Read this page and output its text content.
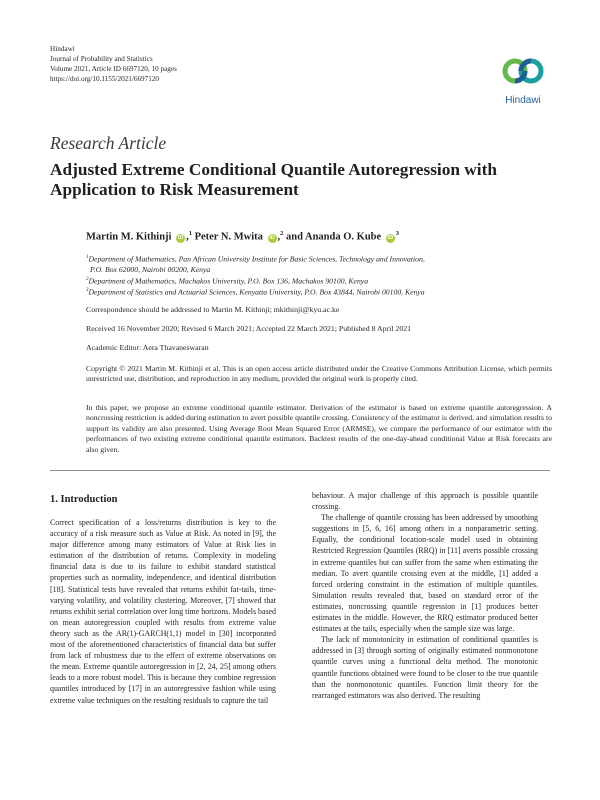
Hindawi
Journal of Probability and Statistics
Volume 2021, Article ID 6697120, 10 pages
https://doi.org/10.1155/2021/6697120
Hindawi
Research Article
Adjusted Extreme Conditional Quantile Autoregression with Application to Risk Measurement
Martin M. Kithinji iD ,$^1$ Peter N. Mwita iD ,$^2$ and Ananda O. Kube $iD^3$
$^1$Department of Mathematics, Pan African University Institute for Basic Sciences, Technology and Innovation,
P.O. Box 62000, Nairobi 00200, Kenya
$^2$Department of Mathematics, Machakos University, P.O. Box 136, Machakos 90100, Kenya
$^3$Department of Statistics and Actuarial Sciences, Kenyatta University, P.O. Box 43844, Nairobi 00100, Kenya
Correspondence should be addressed to Martin M. Kithinji; mkithinji@kyu.ac.ke
Received 16 November 2020; Revised 6 March 2021; Accepted 22 March 2021; Published 8 April 2021
Academic Editor: Aera Thavaneswaran
Copyright © 2021 Martin M. Kithinji et al. This is an open access article distributed under the Creative Commons Attribution License, which permits unrestricted use, distribution, and reproduction in any medium, provided the original work is properly cited.
In this paper, we propose an extreme conditional quantile estimator. Derivation of the estimator is based on extreme quantile autoregression. A noncrossing restriction is added during estimation to avert possible quantile crossing. Consistency of the estimator is derived, and simulation results to support its validity are also presented. Using Average Root Mean Squared Error (ARMSE), we compare the performance of our estimator with the performances of two existing extreme conditional quantile estimators. Backtest results of the one-day-ahead conditional Value at Risk forecasts are also given.
1. Introduction

Correct specification of a loss/returns distribution is key to the accuracy of a risk measure such as Value at Risk. As noted in [9], the major difference among many estimators of Value at Risk lies in estimation of the distribution of returns. Complexity in modeling financial data is due to its failure to exhibit standard statistical properties such as normality, independence, and identical distribution [18]. Statistical tests have revealed that returns exhibit fat-tails, time-varying volatility, and volatility clustering. Moreover, [7] showed that returns exhibit serial correlation over long time horizons. Models based on mean autoregression coupled with results from extreme value theory such as the AR(1)-GARCH(1,1) model in [30] incorporated most of the aforementioned characteristics of financial data but suffer from lack of robustness due to the effect of extreme observations on the mean. Extreme quantile autoregression in [2, 24, 25] among others leads to a more robust model. This is because they combine regression quantiles introduced by [17] in an autoregressive fashion while using extreme value techniques on the resulting residuals to capture the tail

behaviour. A major challenge of this approach is possible quantile crossing.

The challenge of quantile crossing has been addressed by smoothing suggestions in [5, 6, 16] among others in a nonparametric setting. Equally, the conditional location-scale model used in obtaining Restricted Regression Quantiles (RRQ) in [11] averts possible crossing in extreme quantiles but can suffer from the same when estimating the median. To avert quantile crossing even at the middle, [1] added a forced ordering constraint in the estimation of multiple quantiles. Simulation results revealed that, based on standard error of the estimates, noncrossing quantile regression in [1] produces better estimates in the middle. However, the RRQ estimator produced better estimates at the tails, especially when the sample size was large.

The lack of monotonicity in estimation of conditional quantiles is addressed in [3] through sorting of originally estimated nonmonotone quantile curves using a functional delta method. The monotonic quantile functions obtained were found to be closer to the true quantile than the nonmonotonic quantiles. Function limit theory for the rearranged estimators was also derived. The resulting
